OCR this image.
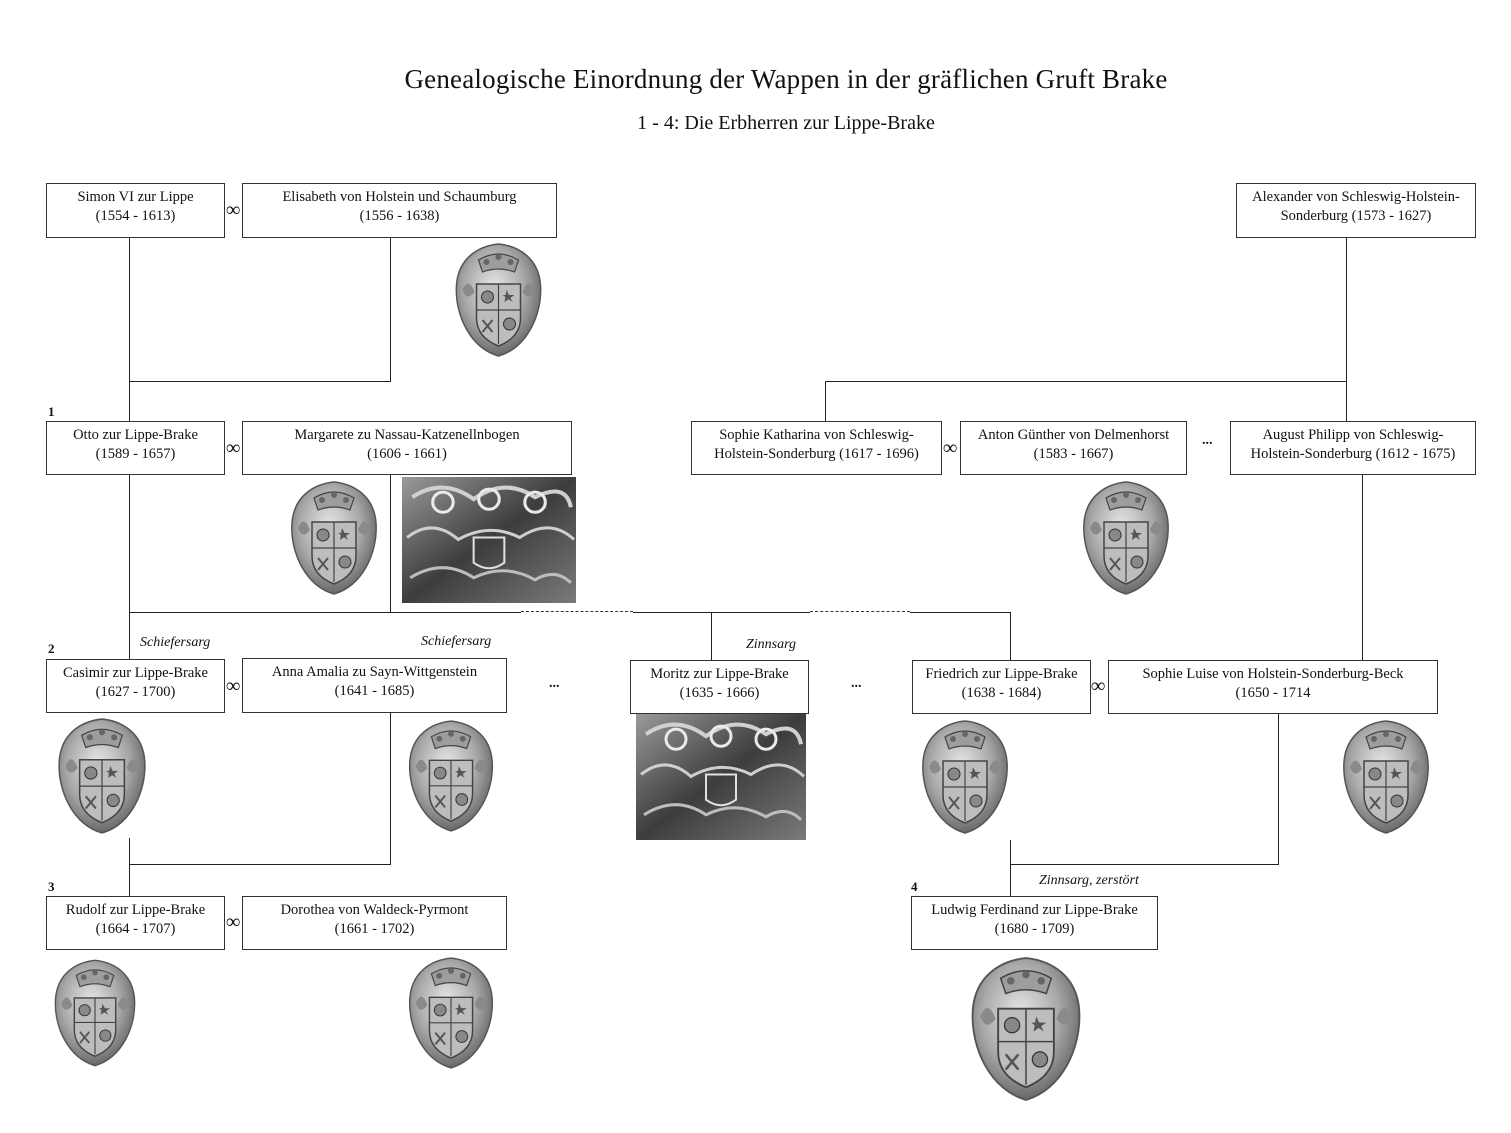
Genealogische Einordnung der Wappen in der gräflichen Gruft Brake
1 - 4: Die Erbherren zur Lippe-Brake
Simon VI zur Lippe
(1554 - 1613)
Elisabeth von Holstein und Schaumburg
(1556 - 1638)
Alexander von Schleswig-Holstein-
Sonderburg (1573 - 1627)
Otto zur Lippe-Brake
(1589 - 1657)
Margarete zu Nassau-Katzenellnbogen
(1606 - 1661)
Sophie Katharina von Schleswig-
Holstein-Sonderburg (1617 - 1696)
Anton Günther von Delmenhorst
(1583 - 1667)
August Philipp von Schleswig-
Holstein-Sonderburg (1612 - 1675)
Casimir zur Lippe-Brake
(1627 - 1700)
Anna Amalia zu Sayn-Wittgenstein
(1641 - 1685)
Moritz zur Lippe-Brake
(1635 - 1666)
Friedrich zur Lippe-Brake
(1638 - 1684)
Sophie Luise von Holstein-Sonderburg-Beck
(1650 - 1714
Rudolf zur Lippe-Brake
(1664 - 1707)
Dorothea von Waldeck-Pyrmont
(1661 - 1702)
Ludwig Ferdinand zur Lippe-Brake
(1680 - 1709)
∞
∞	∞
∞	∞
∞
...
...	...
1
2
3	4
Schiefersarg	Schiefersarg	Zinnsarg
Zinnsarg, zerstört
